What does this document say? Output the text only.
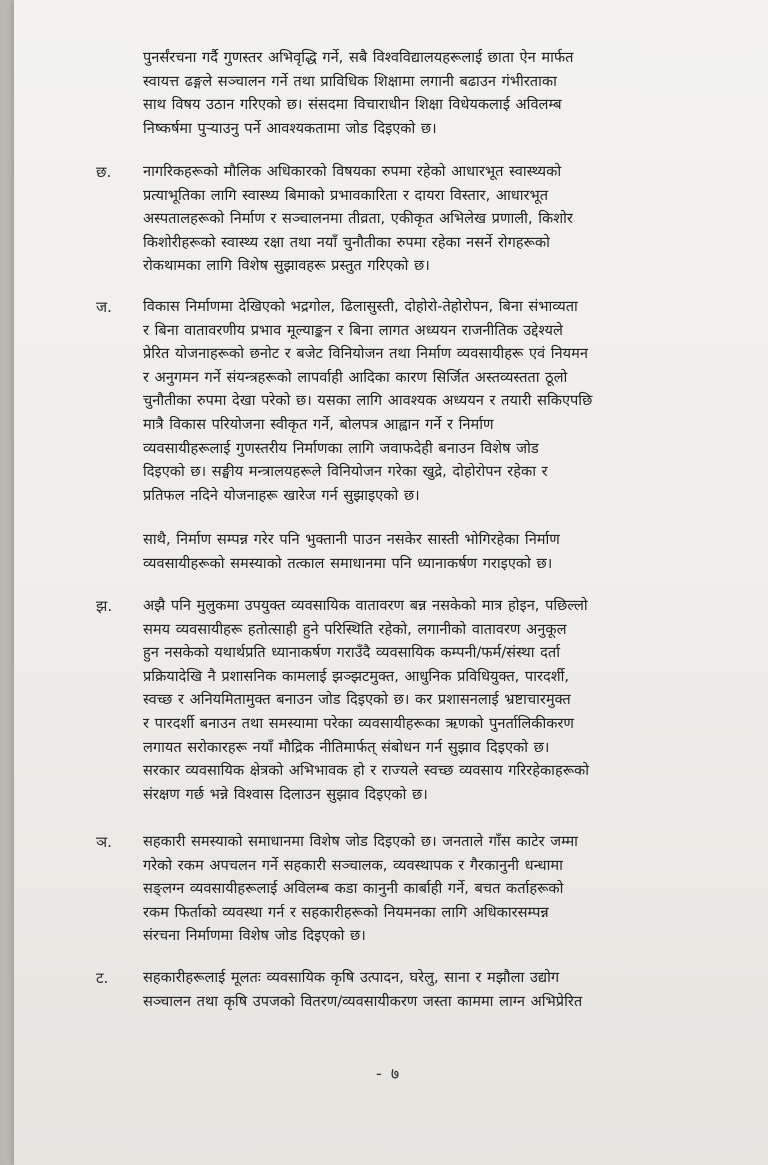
पुनर्संरचना गर्दै गुणस्तर अभिवृद्धि गर्ने, सबै विश्वविद्यालयहरूलाई छाता ऐन मार्फत
स्वायत्त ढङ्गले सञ्चालन गर्ने तथा प्राविधिक शिक्षामा लगानी बढाउन गंभीरताका
साथ विषय उठान गरिएको छ। संसदमा विचाराधीन शिक्षा विधेयकलाई अविलम्ब
निष्कर्षमा पुऱ्याउनु पर्ने आवश्यकतामा जोड दिइएको छ।

छ. नागरिकहरूको मौलिक अधिकारको विषयका रुपमा रहेको आधारभूत स्वास्थ्यको
प्रत्याभूतिका लागि स्वास्थ्य बिमाको प्रभावकारिता र दायरा विस्तार, आधारभूत
अस्पतालहरूको निर्माण र सञ्चालनमा तीव्रता, एकीकृत अभिलेख प्रणाली, किशोर
किशोरीहरूको स्वास्थ्य रक्षा तथा नयाँ चुनौतीका रुपमा रहेका नसर्ने रोगहरूको
रोकथामका लागि विशेष सुझावहरू प्रस्तुत गरिएको छ।

ज. विकास निर्माणमा देखिएको भद्रगोल, ढिलासुस्ती, दोहोरो-तेहोरोपन, बिना संभाव्यता
र बिना वातावरणीय प्रभाव मूल्याङ्कन र बिना लागत अध्ययन राजनीतिक उद्देश्यले
प्रेरित योजनाहरूको छनोट र बजेट विनियोजन तथा निर्माण व्यवसायीहरू एवं नियमन
र अनुगमन गर्ने संयन्त्रहरूको लापर्वाही आदिका कारण सिर्जित अस्तव्यस्तता ठूलो
चुनौतीका रुपमा देखा परेको छ। यसका लागि आवश्यक अध्ययन र तयारी सकिएपछि
मात्रै विकास परियोजना स्वीकृत गर्ने, बोलपत्र आह्वान गर्ने र निर्माण
व्यवसायीहरूलाई गुणस्तरीय निर्माणका लागि जवाफदेही बनाउन विशेष जोड
दिइएको छ। सङ्घीय मन्त्रालयहरूले विनियोजन गरेका खुद्रे, दोहोरोपन रहेका र
प्रतिफल नदिने योजनाहरू खारेज गर्न सुझाइएको छ।

साथै, निर्माण सम्पन्न गरेर पनि भुक्तानी पाउन नसकेर सास्ती भोगिरहेका निर्माण
व्यवसायीहरूको समस्याको तत्काल समाधानमा पनि ध्यानाकर्षण गराइएको छ।

झ. अझै पनि मुलुकमा उपयुक्त व्यवसायिक वातावरण बन्न नसकेको मात्र होइन, पछिल्लो
समय व्यवसायीहरू हतोत्साही हुने परिस्थिति रहेको, लगानीको वातावरण अनुकूल
हुन नसकेको यथार्थप्रति ध्यानाकर्षण गराउँदै व्यवसायिक कम्पनी/फर्म/संस्था दर्ता
प्रक्रियादेखि नै प्रशासनिक कामलाई झञ्झटमुक्त, आधुनिक प्रविधियुक्त, पारदर्शी,
स्वच्छ र अनियमितामुक्त बनाउन जोड दिइएको छ। कर प्रशासनलाई भ्रष्टाचारमुक्त
र पारदर्शी बनाउन तथा समस्यामा परेका व्यवसायीहरूका ऋणको पुनर्तालिकीकरण
लगायत सरोकारहरू नयाँ मौद्रिक नीतिमार्फत् संबोधन गर्न सुझाव दिइएको छ।
सरकार व्यवसायिक क्षेत्रको अभिभावक हो र राज्यले स्वच्छ व्यवसाय गरिरहेकाहरूको
संरक्षण गर्छ भन्ने विश्वास दिलाउन सुझाव दिइएको छ।

ञ. सहकारी समस्याको समाधानमा विशेष जोड दिइएको छ। जनताले गाँस काटेर जम्मा
गरेको रकम अपचलन गर्ने सहकारी सञ्चालक, व्यवस्थापक र गैरकानुनी धन्धामा
सङ्लग्न व्यवसायीहरूलाई अविलम्ब कडा कानुनी कार्बाही गर्ने, बचत कर्ताहरूको
रकम फिर्ताको व्यवस्था गर्न र सहकारीहरूको नियमनका लागि अधिकारसम्पन्न
संरचना निर्माणमा विशेष जोड दिइएको छ।

ट. सहकारीहरूलाई मूलतः व्यवसायिक कृषि उत्पादन, घरेलु, साना र मझौला उद्योग
सञ्चालन तथा कृषि उपजको वितरण/व्यवसायीकरण जस्ता काममा लाग्न अभिप्रेरित

- ७
